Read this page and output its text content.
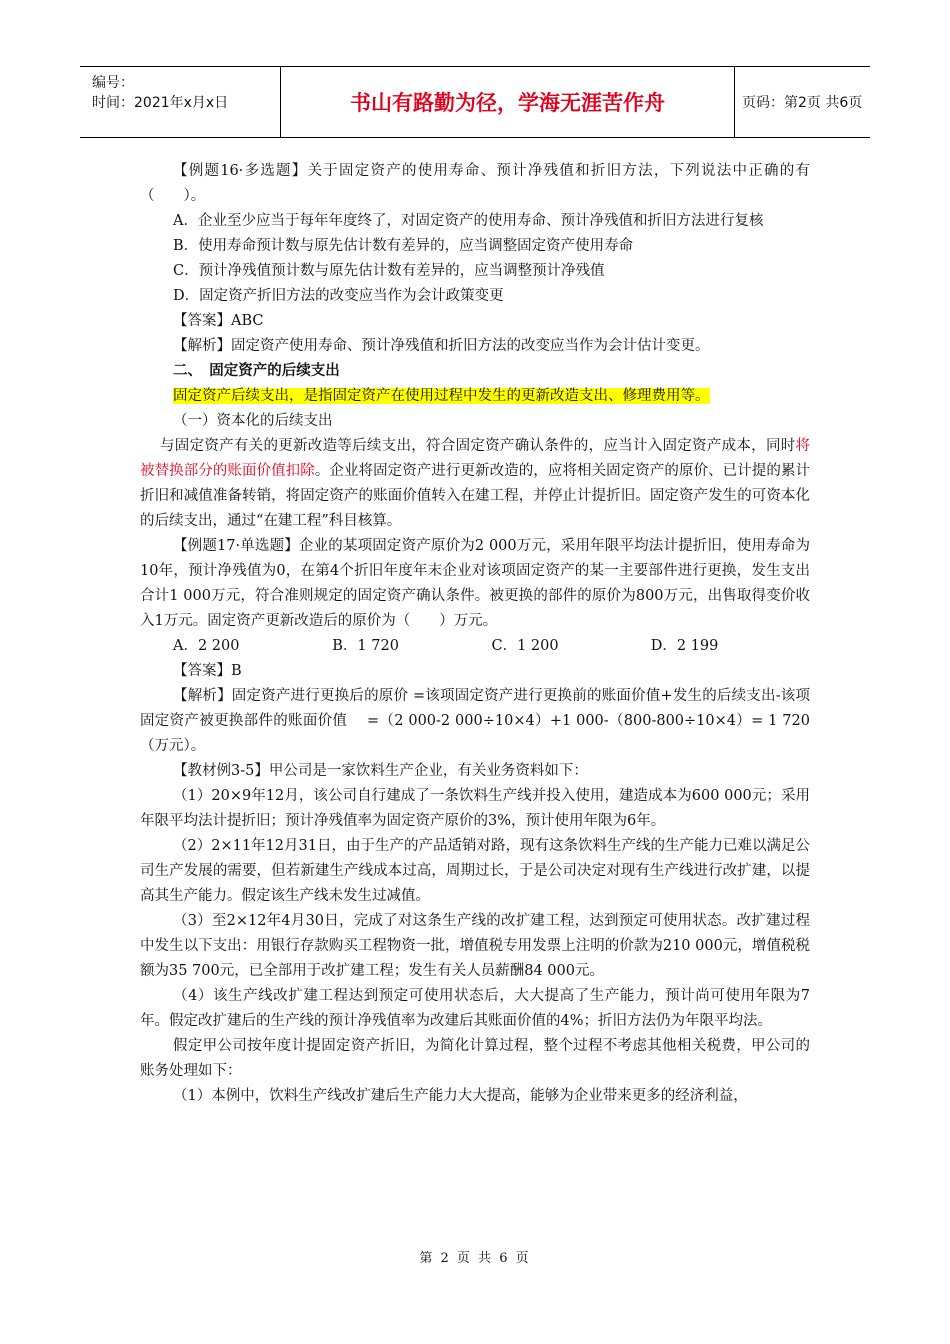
编号：
时间：2021年x月x日	书山有路勤为径，学海无涯苦作舟	页码：第2页 共6页

【例题16·多选题】关于固定资产的使用寿命、预计净残值和折旧方法，下列说法中正确的有（　　）。

A．企业至少应当于每年年度终了，对固定资产的使用寿命、预计净残值和折旧方法进行复核

B．使用寿命预计数与原先估计数有差异的，应当调整固定资产使用寿命

C．预计净残值预计数与原先估计数有差异的，应当调整预计净残值

D．固定资产折旧方法的改变应当作为会计政策变更

【答案】ABC

【解析】固定资产使用寿命、预计净残值和折旧方法的改变应当作为会计估计变更。

二、　固定资产的后续支出

固定资产后续支出，是指固定资产在使用过程中发生的更新改造支出、修理费用等。

（一）资本化的后续支出

与固定资产有关的更新改造等后续支出，符合固定资产确认条件的，应当计入固定资产成本，同时将被替换部分的账面价值扣除。企业将固定资产进行更新改造的，应将相关固定资产的原价、已计提的累计折旧和减值准备转销，将固定资产的账面价值转入在建工程，并停止计提折旧。固定资产发生的可资本化的后续支出，通过“在建工程”科目核算。

【例题17·单选题】企业的某项固定资产原价为2 000万元，采用年限平均法计提折旧，使用寿命为10年，预计净残值为0，在第4个折旧年度年末企业对该项固定资产的某一主要部件进行更换，发生支出合计1 000万元，符合准则规定的固定资产确认条件。被更换的部件的原价为800万元，出售取得变价收入1万元。固定资产更新改造后的原价为（　　）万元。

A．2 200	B．1 720	C．1 200	D．2 199

【答案】B

【解析】固定资产进行更换后的原价 =该项固定资产进行更换前的账面价值+发生的后续支出-该项固定资产被更换部件的账面价值　 =（2 000-2 000÷10×4）+1 000-（800-800÷10×4）= 1 720（万元）。

【教材例3-5】甲公司是一家饮料生产企业，有关业务资料如下：

（1）20×9年12月，该公司自行建成了一条饮料生产线并投入使用，建造成本为600 000元；采用年限平均法计提折旧；预计净残值率为固定资产原价的3%，预计使用年限为6年。

（2）2×11年12月31日，由于生产的产品适销对路，现有这条饮料生产线的生产能力已难以满足公司生产发展的需要，但若新建生产线成本过高，周期过长，于是公司决定对现有生产线进行改扩建，以提高其生产能力。假定该生产线未发生过减值。

（3）至2×12年4月30日，完成了对这条生产线的改扩建工程，达到预定可使用状态。改扩建过程中发生以下支出：用银行存款购买工程物资一批，增值税专用发票上注明的价款为210 000元，增值税税额为35 700元，已全部用于改扩建工程；发生有关人员薪酬84 000元。

（4）该生产线改扩建工程达到预定可使用状态后，大大提高了生产能力，预计尚可使用年限为7年。假定改扩建后的生产线的预计净残值率为改建后其账面价值的4%；折旧方法仍为年限平均法。

假定甲公司按年度计提固定资产折旧，为简化计算过程，整个过程不考虑其他相关税费，甲公司的账务处理如下：

（1）本例中，饮料生产线改扩建后生产能力大大提高，能够为企业带来更多的经济利益，

第 2 页 共 6 页
